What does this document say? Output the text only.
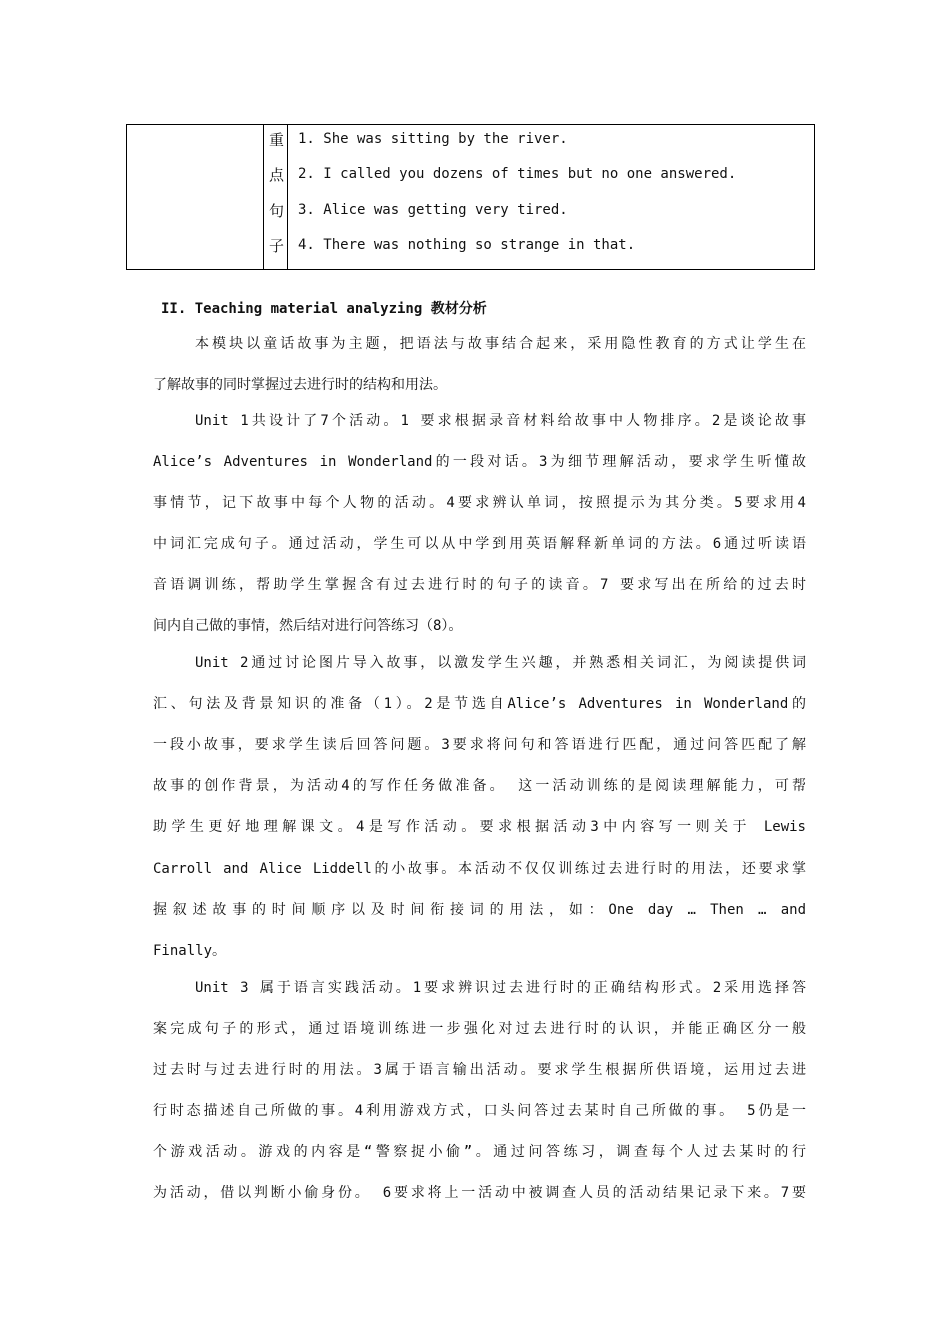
重
点
句
子
1. She was sitting by the river.
2. I called you dozens of times but no one answered.
3. Alice was getting very tired.
4. There was nothing so strange in that.
II. Teaching material analyzing 教材分析
本模块以童话故事为主题，把语法与故事结合起来，采用隐性教育的方式让学生在
了解故事的同时掌握过去进行时的结构和用法。
Unit 1共设计了7个活动。1 要求根据录音材料给故事中人物排序。2是谈论故事
Alice’s Adventures in Wonderland的一段对话。3为细节理解活动，要求学生听懂故
事情节，记下故事中每个人物的活动。4要求辨认单词，按照提示为其分类。5要求用4
中词汇完成句子。通过活动，学生可以从中学到用英语解释新单词的方法。6通过听读语
音语调训练，帮助学生掌握含有过去进行时的句子的读音。7 要求写出在所给的过去时
间内自己做的事情，然后结对进行问答练习（8）。
Unit 2通过讨论图片导入故事，以激发学生兴趣，并熟悉相关词汇，为阅读提供词
汇、句法及背景知识的准备（1）。2是节选自Alice’s Adventures in Wonderland的
一段小故事，要求学生读后回答问题。3要求将问句和答语进行匹配，通过问答匹配了解
故事的创作背景，为活动4的写作任务做准备。 这一活动训练的是阅读理解能力，可帮
助学生更好地理解课文。4是写作活动。要求根据活动3中内容写一则关于 Lewis
Carroll and Alice Liddell的小故事。本活动不仅仅训练过去进行时的用法，还要求掌
握叙述故事的时间顺序以及时间衔接词的用法，如：One day … Then … and
Finally。
Unit 3 属于语言实践活动。1要求辨识过去进行时的正确结构形式。2采用选择答
案完成句子的形式，通过语境训练进一步强化对过去进行时的认识，并能正确区分一般
过去时与过去进行时的用法。3属于语言输出活动。要求学生根据所供语境，运用过去进
行时态描述自己所做的事。4利用游戏方式，口头问答过去某时自己所做的事。 5仍是一
个游戏活动。游戏的内容是“警察捉小偷”。通过问答练习，调查每个人过去某时的行
为活动，借以判断小偷身份。 6要求将上一活动中被调查人员的活动结果记录下来。7要
